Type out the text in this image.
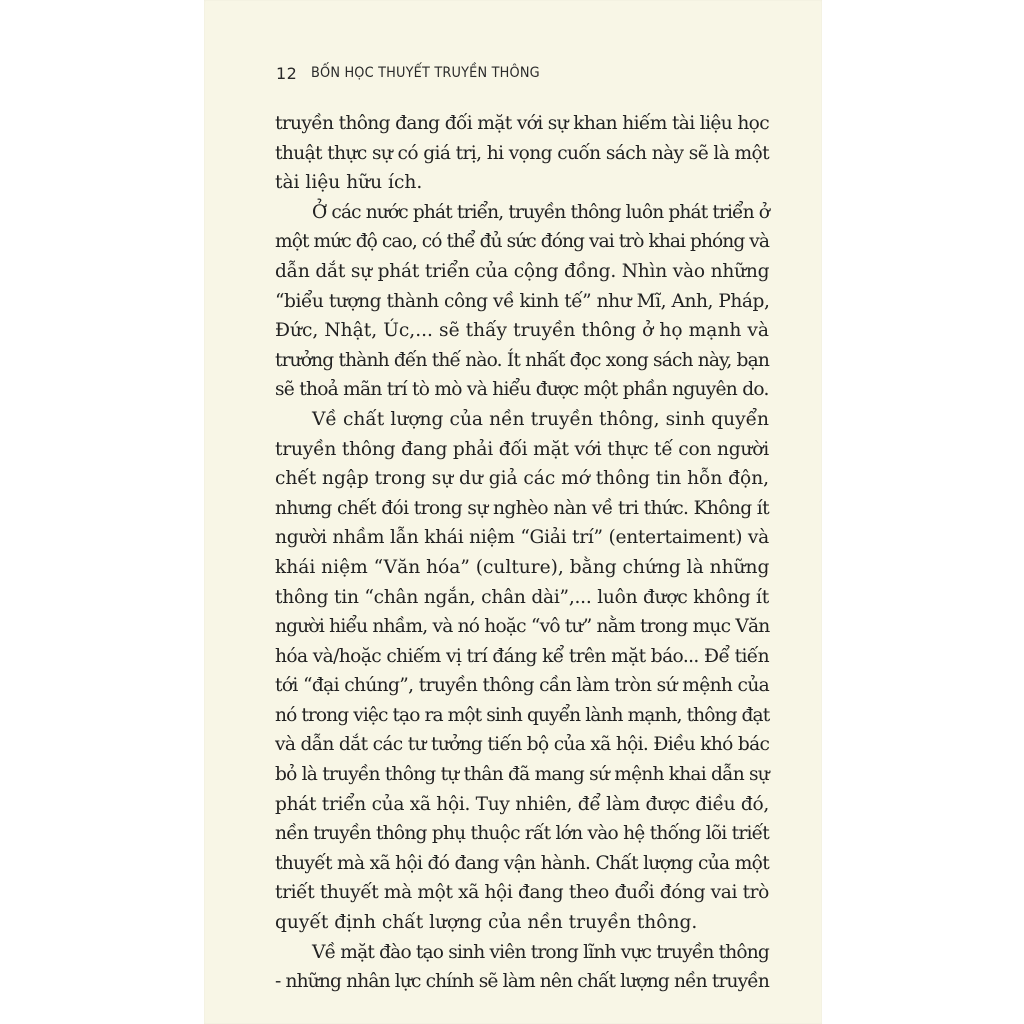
12 BỐN HỌC THUYẾT TRUYỀN THÔNG
truyền thông đang đối mặt với sự khan hiếm tài liệu học
thuật thực sự có giá trị, hi vọng cuốn sách này sẽ là một
tài liệu hữu ích.
Ở các nước phát triển, truyền thông luôn phát triển ở
một mức độ cao, có thể đủ sức đóng vai trò khai phóng và
dẫn dắt sự phát triển của cộng đồng. Nhìn vào những
“biểu tượng thành công về kinh tế” như Mĩ, Anh, Pháp,
Đức, Nhật, Úc,... sẽ thấy truyền thông ở họ mạnh và
trưởng thành đến thế nào. Ít nhất đọc xong sách này, bạn
sẽ thoả mãn trí tò mò và hiểu được một phần nguyên do.
Về chất lượng của nền truyền thông, sinh quyển
truyền thông đang phải đối mặt với thực tế con người
chết ngập trong sự dư giả các mớ thông tin hỗn độn,
nhưng chết đói trong sự nghèo nàn về tri thức. Không ít
người nhầm lẫn khái niệm “Giải trí” (entertaiment) và
khái niệm “Văn hóa” (culture), bằng chứng là những
thông tin “chân ngắn, chân dài”,... luôn được không ít
người hiểu nhầm, và nó hoặc “vô tư” nằm trong mục Văn
hóa và/hoặc chiếm vị trí đáng kể trên mặt báo... Để tiến
tới “đại chúng”, truyền thông cần làm tròn sứ mệnh của
nó trong việc tạo ra một sinh quyển lành mạnh, thông đạt
và dẫn dắt các tư tưởng tiến bộ của xã hội. Điều khó bác
bỏ là truyền thông tự thân đã mang sứ mệnh khai dẫn sự
phát triển của xã hội. Tuy nhiên, để làm được điều đó,
nền truyền thông phụ thuộc rất lớn vào hệ thống lõi triết
thuyết mà xã hội đó đang vận hành. Chất lượng của một
triết thuyết mà một xã hội đang theo đuổi đóng vai trò
quyết định chất lượng của nền truyền thông.
Về mặt đào tạo sinh viên trong lĩnh vực truyền thông
- những nhân lực chính sẽ làm nên chất lượng nền truyền
